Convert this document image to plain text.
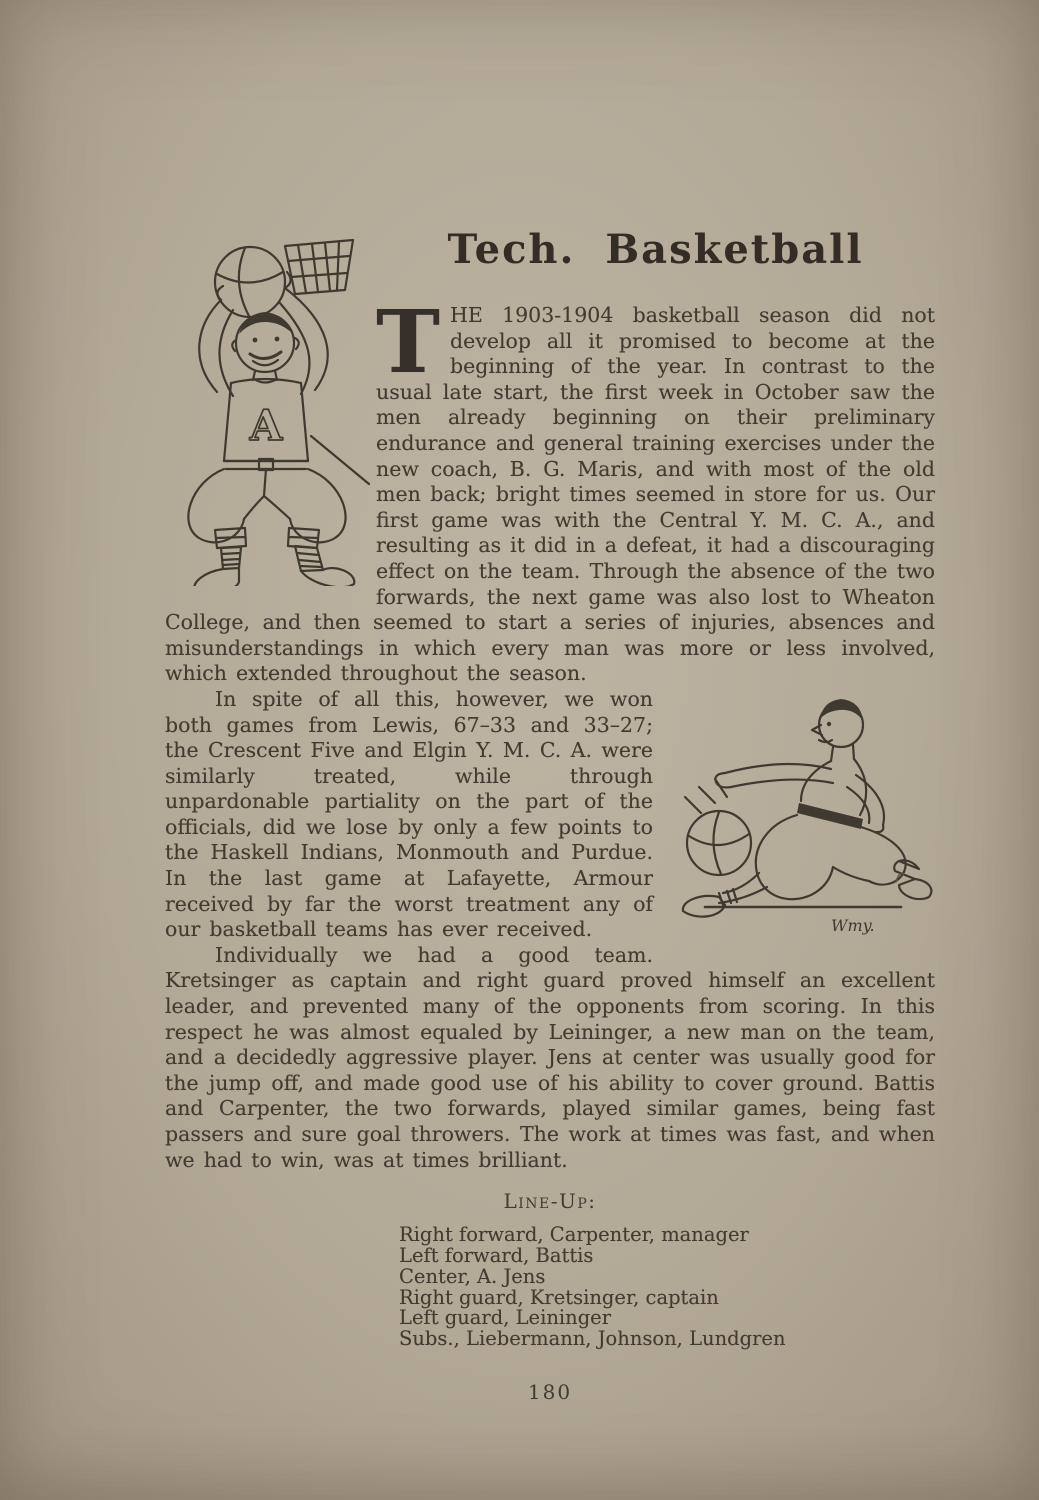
A
Tech. Basketball

THE 1903-1904 basketball season did not develop all it promised to become at the beginning of the year. In contrast to the usual late start, the first week in October saw the men already beginning on their preliminary endurance and general training exercises under the new coach, B. G. Maris, and with most of the old men back; bright times seemed in store for us. Our first game was with the Central Y. M. C. A., and resulting as it did in a defeat, it had a discouraging effect on the team. Through the absence of the two forwards, the next game was also lost to Wheaton College, and then seemed to start a series of injuries, absences and misunderstandings in which every man was more or less involved, which extended throughout the season.

Wmy.

In spite of all this, however, we won both games from Lewis, 67–33 and 33–27; the Crescent Five and Elgin Y. M. C. A. were similarly treated, while through unpardonable partiality on the part of the officials, did we lose by only a few points to the Haskell Indians, Monmouth and Purdue. In the last game at Lafayette, Armour received by far the worst treatment any of our basketball teams has ever received.

Individually we had a good team. Kretsinger as captain and right guard proved himself an excellent leader, and prevented many of the opponents from scoring. In this respect he was almost equaled by Leininger, a new man on the team, and a decidedly aggressive player. Jens at center was usually good for the jump off, and made good use of his ability to cover ground. Battis and Carpenter, the two forwards, played similar games, being fast passers and sure goal throwers. The work at times was fast, and when we had to win, was at times brilliant.

Line-Up:
Right forward, Carpenter, manager
Left forward, Battis
Center, A. Jens
Right guard, Kretsinger, captain
Left guard, Leininger
Subs., Liebermann, Johnson, Lundgren
180
